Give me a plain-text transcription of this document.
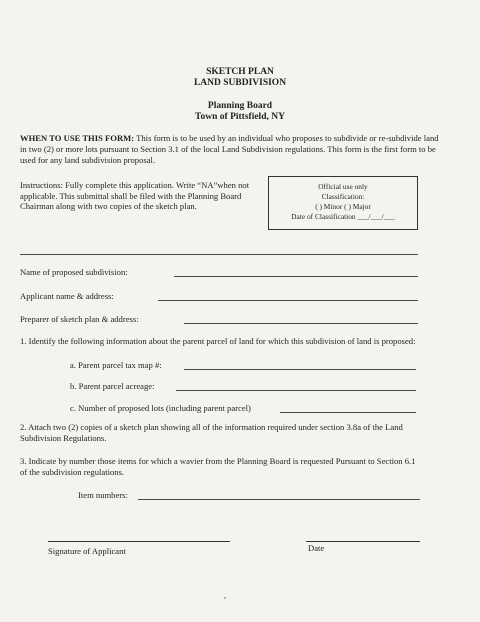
SKETCH PLAN
LAND SUBDIVISION
Planning Board
Town of Pittsfield, NY
WHEN TO USE THIS FORM: This form is to be used by an individual who proposes to subdivide or re-subdivide land in two (2) or more lots pursuant to Section 3.1 of the local Land Subdivision regulations. This form is the first form to be used for any land subdivision proposal.
Instructions: Fully complete this application. Write “NA”when not applicable. This submittal shall be filed with the Planning Board Chairman along with two copies of the sketch plan.
Official use only
Classification:
( ) Minor ( ) Major
Date of Classification ___/___/___
Name of proposed subdivision:
Applicant name & address:
Preparer of sketch plan & address:
1. Identify the following information about the parent parcel of land for which this subdivision of land is proposed:
a. Parent parcel tax map #:
b. Parent parcel acreage:
c. Number of proposed lots (including parent parcel)
2. Attach two (2) copies of a sketch plan showing all of the information required under section 3.8a of the Land Subdivision Regulations.
3. Indicate by number those items for which a wavier from the Planning Board is requested Pursuant to Section 6.1 of the subdivision regulations.
Item numbers:
Signature of Applicant	Date
,
